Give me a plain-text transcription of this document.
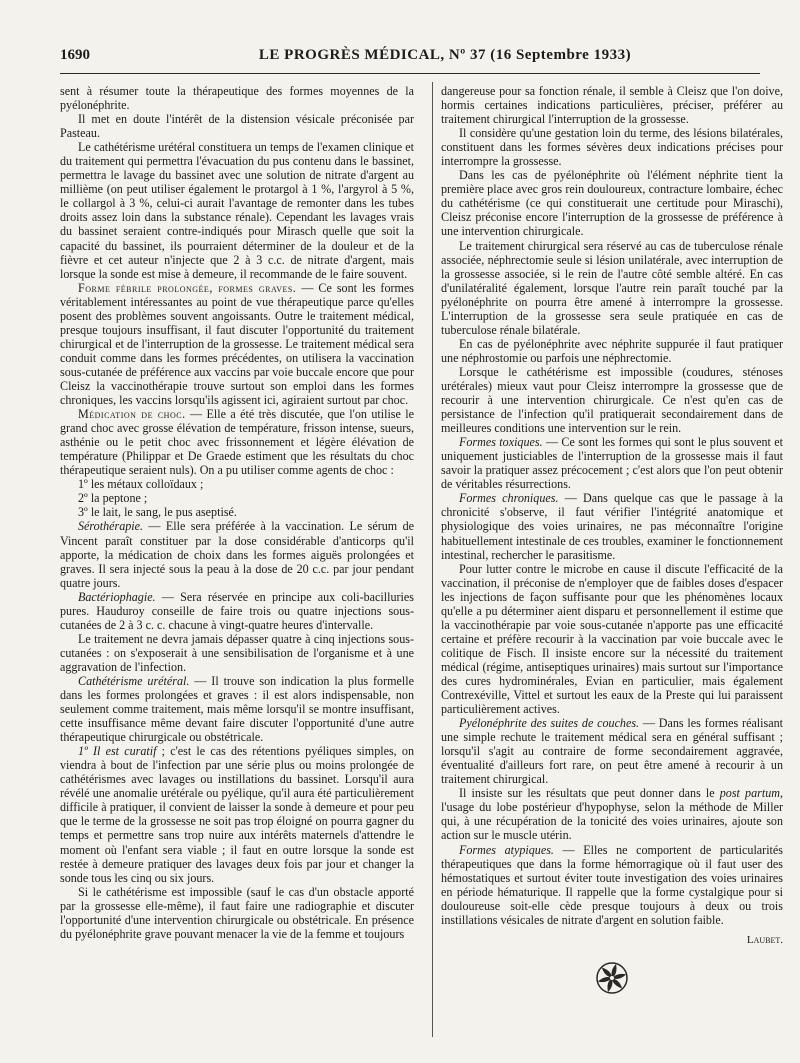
1690	LE PROGRÈS MÉDICAL, Nº 37 (16 Septembre 1933)

sent à résumer toute la thérapeutique des formes moyennes de la pyélonéphrite.

Il met en doute l'intérêt de la distension vésicale préconisée par Pasteau.

Le cathétérisme urétéral constituera un temps de l'examen clinique et du traitement qui permettra l'évacuation du pus contenu dans le bassinet, permettra le lavage du bassinet avec une solution de nitrate d'argent au millième (on peut utiliser également le protargol à 1 %, l'argyrol à 5 %, le collargol à 3 %, celui-ci aurait l'avantage de remonter dans les tubes droits assez loin dans la substance rénale). Cependant les lavages vrais du bassinet seraient contre-indiqués pour Mirasch quelle que soit la capacité du bassinet, ils pourraient déterminer de la douleur et de la fièvre et cet auteur n'injecte que 2 à 3 c.c. de nitrate d'argent, mais lorsque la sonde est mise à demeure, il recommande de le faire souvent.

Forme fébrile prolongée, formes graves. — Ce sont les formes véritablement intéressantes au point de vue thérapeutique parce qu'elles posent des problèmes souvent angoissants. Outre le traitement médical, presque toujours insuffisant, il faut discuter l'opportunité du traitement chirurgical et de l'interruption de la grossesse. Le traitement médical sera conduit comme dans les formes précédentes, on utilisera la vaccination sous-cutanée de préférence aux vaccins par voie buccale encore que pour Cleisz la vaccinothérapie trouve surtout son emploi dans les formes chroniques, les vaccins lorsqu'ils agissent ici, agiraient surtout par choc.

Médication de choc. — Elle a été très discutée, que l'on utilise le grand choc avec grosse élévation de température, frisson intense, sueurs, asthénie ou le petit choc avec frissonnement et légère élévation de température (Philippar et De Graede estiment que les résultats du choc thérapeutique seraient nuls). On a pu utiliser comme agents de choc :

1º les métaux colloïdaux ;

2º la peptone ;

3º le lait, le sang, le pus aseptisé.

Sérothérapie. — Elle sera préférée à la vaccination. Le sérum de Vincent paraît constituer par la dose considérable d'anticorps qu'il apporte, la médication de choix dans les formes aiguës prolongées et graves. Il sera injecté sous la peau à la dose de 20 c.c. par jour pendant quatre jours.

Bactériophagie. — Sera réservée en principe aux coli-bacilluries pures. Hauduroy conseille de faire trois ou quatre injections sous-cutanées de 2 à 3 c. c. chacune à vingt-quatre heures d'intervalle.

Le traitement ne devra jamais dépasser quatre à cinq injections sous-cutanées : on s'exposerait à une sensibilisation de l'organisme et à une aggravation de l'infection.

Cathétérisme urétéral. — Il trouve son indication la plus formelle dans les formes prolongées et graves : il est alors indispensable, non seulement comme traitement, mais même lorsqu'il se montre insuffisant, cette insuffisance même devant faire discuter l'opportunité d'une autre thérapeutique chirurgicale ou obstétricale.

1º Il est curatif ; c'est le cas des rétentions pyéliques simples, on viendra à bout de l'infection par une série plus ou moins prolongée de cathétérismes avec lavages ou instillations du bassinet. Lorsqu'il aura révélé une anomalie urétérale ou pyélique, qu'il aura été particulièrement difficile à pratiquer, il convient de laisser la sonde à demeure et pour peu que le terme de la grossesse ne soit pas trop éloigné on pourra gagner du temps et permettre sans trop nuire aux intérêts maternels d'attendre le moment où l'enfant sera viable ; il faut en outre lorsque la sonde est restée à demeure pratiquer des lavages deux fois par jour et changer la sonde tous les cinq ou six jours.

Si le cathétérisme est impossible (sauf le cas d'un obstacle apporté par la grossesse elle-même), il faut faire une radiographie et discuter l'opportunité d'une intervention chirurgicale ou obstétricale. En présence du pyélonéphrite grave pouvant menacer la vie de la femme et toujours

dangereuse pour sa fonction rénale, il semble à Cleisz que l'on doive, hormis certaines indications particulières, préciser, préférer au traitement chirurgical l'interruption de la grossesse.

Il considère qu'une gestation loin du terme, des lésions bilatérales, constituent dans les formes sévères deux indications précises pour interrompre la grossesse.

Dans les cas de pyélonéphrite où l'élément néphrite tient la première place avec gros rein douloureux, contracture lombaire, échec du cathétérisme (ce qui constituerait une certitude pour Miraschi), Cleisz préconise encore l'interruption de la grossesse de préférence à une intervention chirurgicale.

Le traitement chirurgical sera réservé au cas de tuberculose rénale associée, néphrectomie seule si lésion unilatérale, avec interruption de la grossesse associée, si le rein de l'autre côté semble altéré. En cas d'unilatéralité également, lorsque l'autre rein paraît touché par la pyélonéphrite on pourra être amené à interrompre la grossesse. L'interruption de la grossesse sera seule pratiquée en cas de tuberculose rénale bilatérale.

En cas de pyélonéphrite avec néphrite suppurée il faut pratiquer une néphrostomie ou parfois une néphrectomie.

Lorsque le cathétérisme est impossible (coudures, sténoses urétérales) mieux vaut pour Cleisz interrompre la grossesse que de recourir à une intervention chirurgicale. Ce n'est qu'en cas de persistance de l'infection qu'il pratiquerait secondairement dans de meilleures conditions une intervention sur le rein.

Formes toxiques. — Ce sont les formes qui sont le plus souvent et uniquement justiciables de l'interruption de la grossesse mais il faut savoir la pratiquer assez précocement ; c'est alors que l'on peut obtenir de véritables résurrections.

Formes chroniques. — Dans quelque cas que le passage à la chronicité s'observe, il faut vérifier l'intégrité anatomique et physiologique des voies urinaires, ne pas méconnaître l'origine habituellement intestinale de ces troubles, examiner le fonctionnement intestinal, rechercher le parasitisme.

Pour lutter contre le microbe en cause il discute l'efficacité de la vaccination, il préconise de n'employer que de faibles doses d'espacer les injections de façon suffisante pour que les phénomènes locaux qu'elle a pu déterminer aient disparu et personnellement il estime que la vaccinothérapie par voie sous-cutanée n'apporte pas une efficacité certaine et préfère recourir à la vaccination par voie buccale avec le colitique de Fisch. Il insiste encore sur la nécessité du traitement médical (régime, antiseptiques urinaires) mais surtout sur l'importance des cures hydrominérales, Evian en particulier, mais également Contrexéville, Vittel et surtout les eaux de la Preste qui lui paraissent particulièrement actives.

Pyélonéphrite des suites de couches. — Dans les formes réalisant une simple rechute le traitement médical sera en général suffisant ; lorsqu'il s'agit au contraire de forme secondairement aggravée, éventualité d'ailleurs fort rare, on peut être amené à recourir à un traitement chirurgical.

Il insiste sur les résultats que peut donner dans le post partum, l'usage du lobe postérieur d'hypophyse, selon la méthode de Miller qui, à une récupération de la tonicité des voies urinaires, ajoute son action sur le muscle utérin.

Formes atypiques. — Elles ne comportent de particularités thérapeutiques que dans la forme hémorragique où il faut user des hémostatiques et surtout éviter toute investigation des voies urinaires en période hématurique. Il rappelle que la forme cystalgique pour si douloureuse soit-elle cède presque toujours à deux ou trois instillations vésicales de nitrate d'argent en solution faible.

Laubet.
